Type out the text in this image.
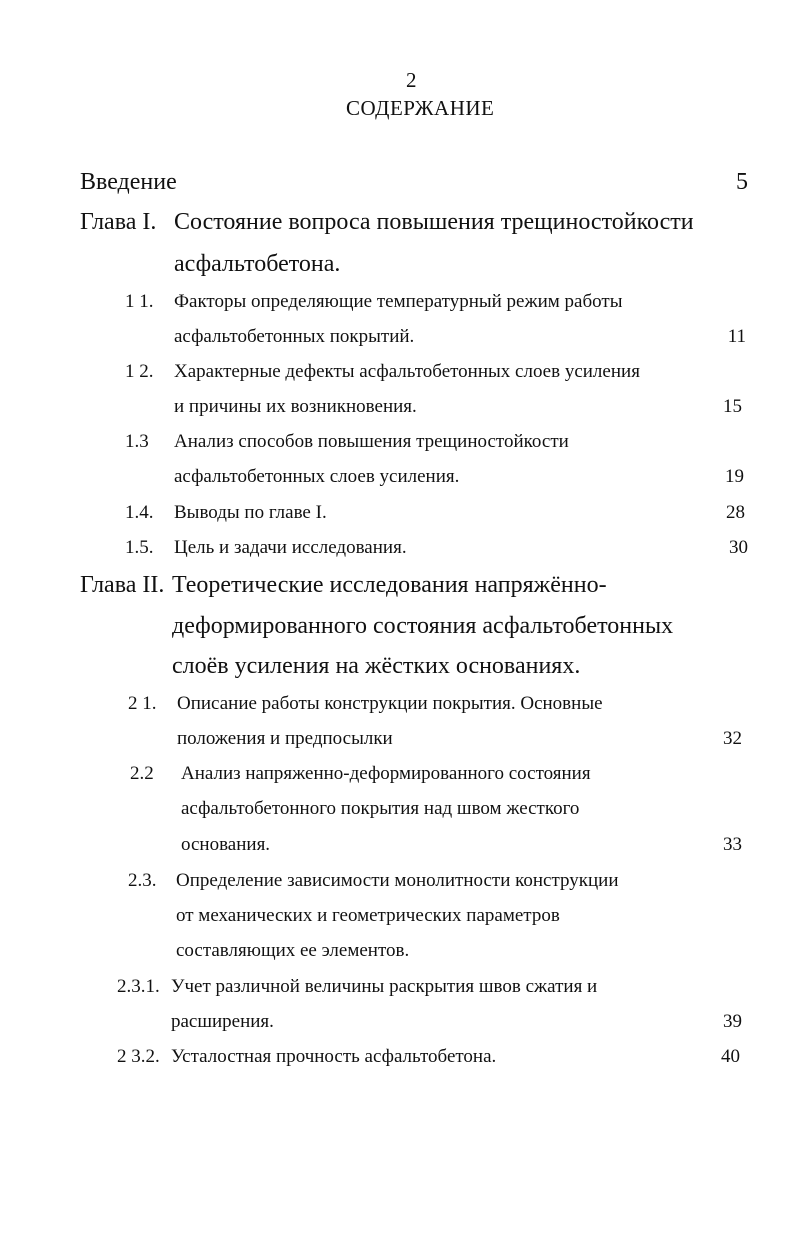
2
СОДЕРЖАНИЕ
Введение	5
Глава I. Состояние вопроса повышения трещиностойкости
асфальтобетона.
1 1. Факторы определяющие температурный режим работы
асфальтобетонных покрытий.	11
1 2. Характерные дефекты асфальтобетонных слоев усиления
и причины их возникновения.	15
1.3 Анализ способов повышения трещиностойкости
асфальтобетонных слоев усиления.	19
1.4. Выводы по главе I.	28
1.5. Цель и задачи исследования.	30
Глава II. Теоретические исследования напряжённо-
деформированного состояния асфальтобетонных
слоёв усиления на жёстких основаниях.
2 1. Описание работы конструкции покрытия. Основные
положения и предпосылки	32
2.2 Анализ напряженно-деформированного состояния
асфальтобетонного покрытия над швом жесткого
основания.	33
2.3. Определение зависимости монолитности конструкции
от механических и геометрических параметров
составляющих ее элементов.
2.3.1. Учет различной величины раскрытия швов сжатия и
расширения.	39
2 3.2. Усталостная прочность асфальтобетона.	40
